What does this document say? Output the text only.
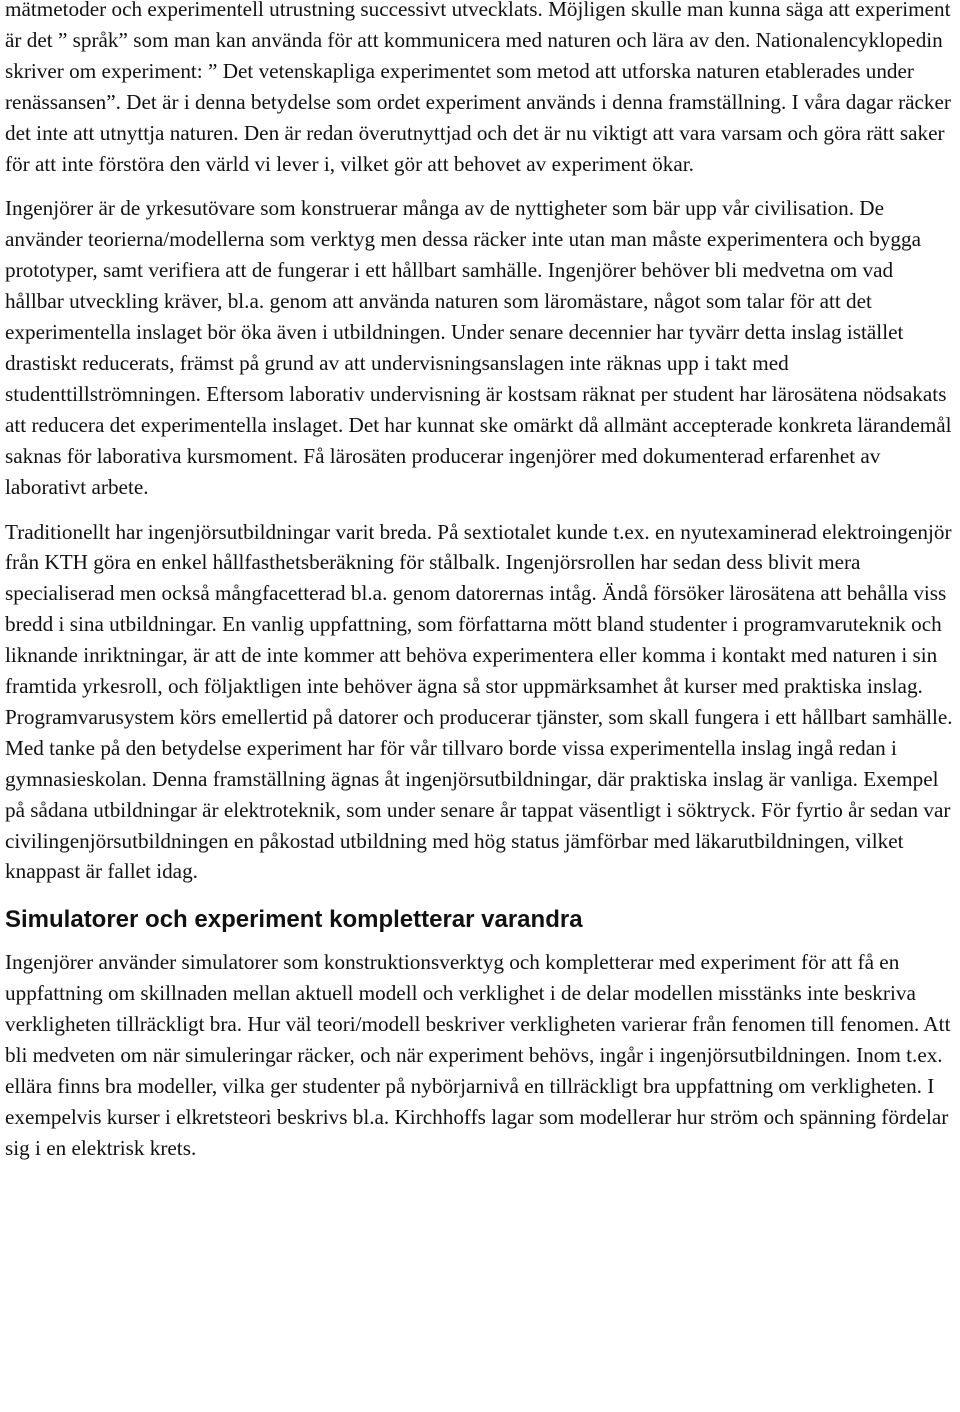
mätmetoder och experimentell utrustning successivt utvecklats. Möjligen skulle man kunna säga att experiment är det ” språk” som man kan använda för att kommunicera med naturen och lära av den. Nationalencyklopedin skriver om experiment: ” Det vetenskapliga experimentet som metod att utforska naturen etablerades under renässansen”. Det är i denna betydelse som ordet experiment används i denna framställning. I våra dagar räcker det inte att utnyttja naturen. Den är redan överutnyttjad och det är nu viktigt att vara varsam och göra rätt saker för att inte förstöra den värld vi lever i, vilket gör att behovet av experiment ökar.

Ingenjörer är de yrkesutövare som konstruerar många av de nyttigheter som bär upp vår civilisation. De använder teorierna/modellerna som verktyg men dessa räcker inte utan man måste experimentera och bygga prototyper, samt verifiera att de fungerar i ett hållbart samhälle. Ingenjörer behöver bli medvetna om vad hållbar utveckling kräver, bl.a. genom att använda naturen som läromästare, något som talar för att det experimentella inslaget bör öka även i utbildningen. Under senare decennier har tyvärr detta inslag istället drastiskt reducerats, främst på grund av att undervisningsanslagen inte räknas upp i takt med studenttillströmningen. Eftersom laborativ undervisning är kostsam räknat per student har lärosätena nödsakats att reducera det experimentella inslaget. Det har kunnat ske omärkt då allmänt accepterade konkreta lärandemål saknas för laborativa kursmoment. Få lärosäten producerar ingenjörer med dokumenterad erfarenhet av laborativt arbete.

Traditionellt har ingenjörsutbildningar varit breda. På sextiotalet kunde t.ex. en nyutexaminerad elektroingenjör från KTH göra en enkel hållfasthetsberäkning för stålbalk. Ingenjörsrollen har sedan dess blivit mera specialiserad men också mångfacetterad bl.a. genom datorernas intåg. Ändå försöker lärosätena att behålla viss bredd i sina utbildningar. En vanlig uppfattning, som författarna mött bland studenter i programvaruteknik och liknande inriktningar, är att de inte kommer att behöva experimentera eller komma i kontakt med naturen i sin framtida yrkesroll, och följaktligen inte behöver ägna så stor uppmärksamhet åt kurser med praktiska inslag. Programvarusystem körs emellertid på datorer och producerar tjänster, som skall fungera i ett hållbart samhälle. Med tanke på den betydelse experiment har för vår tillvaro borde vissa experimentella inslag ingå redan i gymnasieskolan. Denna framställning ägnas åt ingenjörsutbildningar, där praktiska inslag är vanliga. Exempel på sådana utbildningar är elektroteknik, som under senare år tappat väsentligt i söktryck. För fyrtio år sedan var civilingenjörsutbildningen en påkostad utbildning med hög status jämförbar med läkarutbildningen, vilket knappast är fallet idag.

Simulatorer och experiment kompletterar varandra

Ingenjörer använder simulatorer som konstruktionsverktyg och kompletterar med experiment för att få en uppfattning om skillnaden mellan aktuell modell och verklighet i de delar modellen misstänks inte beskriva verkligheten tillräckligt bra. Hur väl teori/modell beskriver verkligheten varierar från fenomen till fenomen. Att bli medveten om när simuleringar räcker, och när experiment behövs, ingår i ingenjörsutbildningen. Inom t.ex. ellära finns bra modeller, vilka ger studenter på nybörjarnivå en tillräckligt bra uppfattning om verkligheten. I exempelvis kurser i elkretsteori beskrivs bl.a. Kirchhoffs lagar som modellerar hur ström och spänning fördelar sig i en elektrisk krets.
